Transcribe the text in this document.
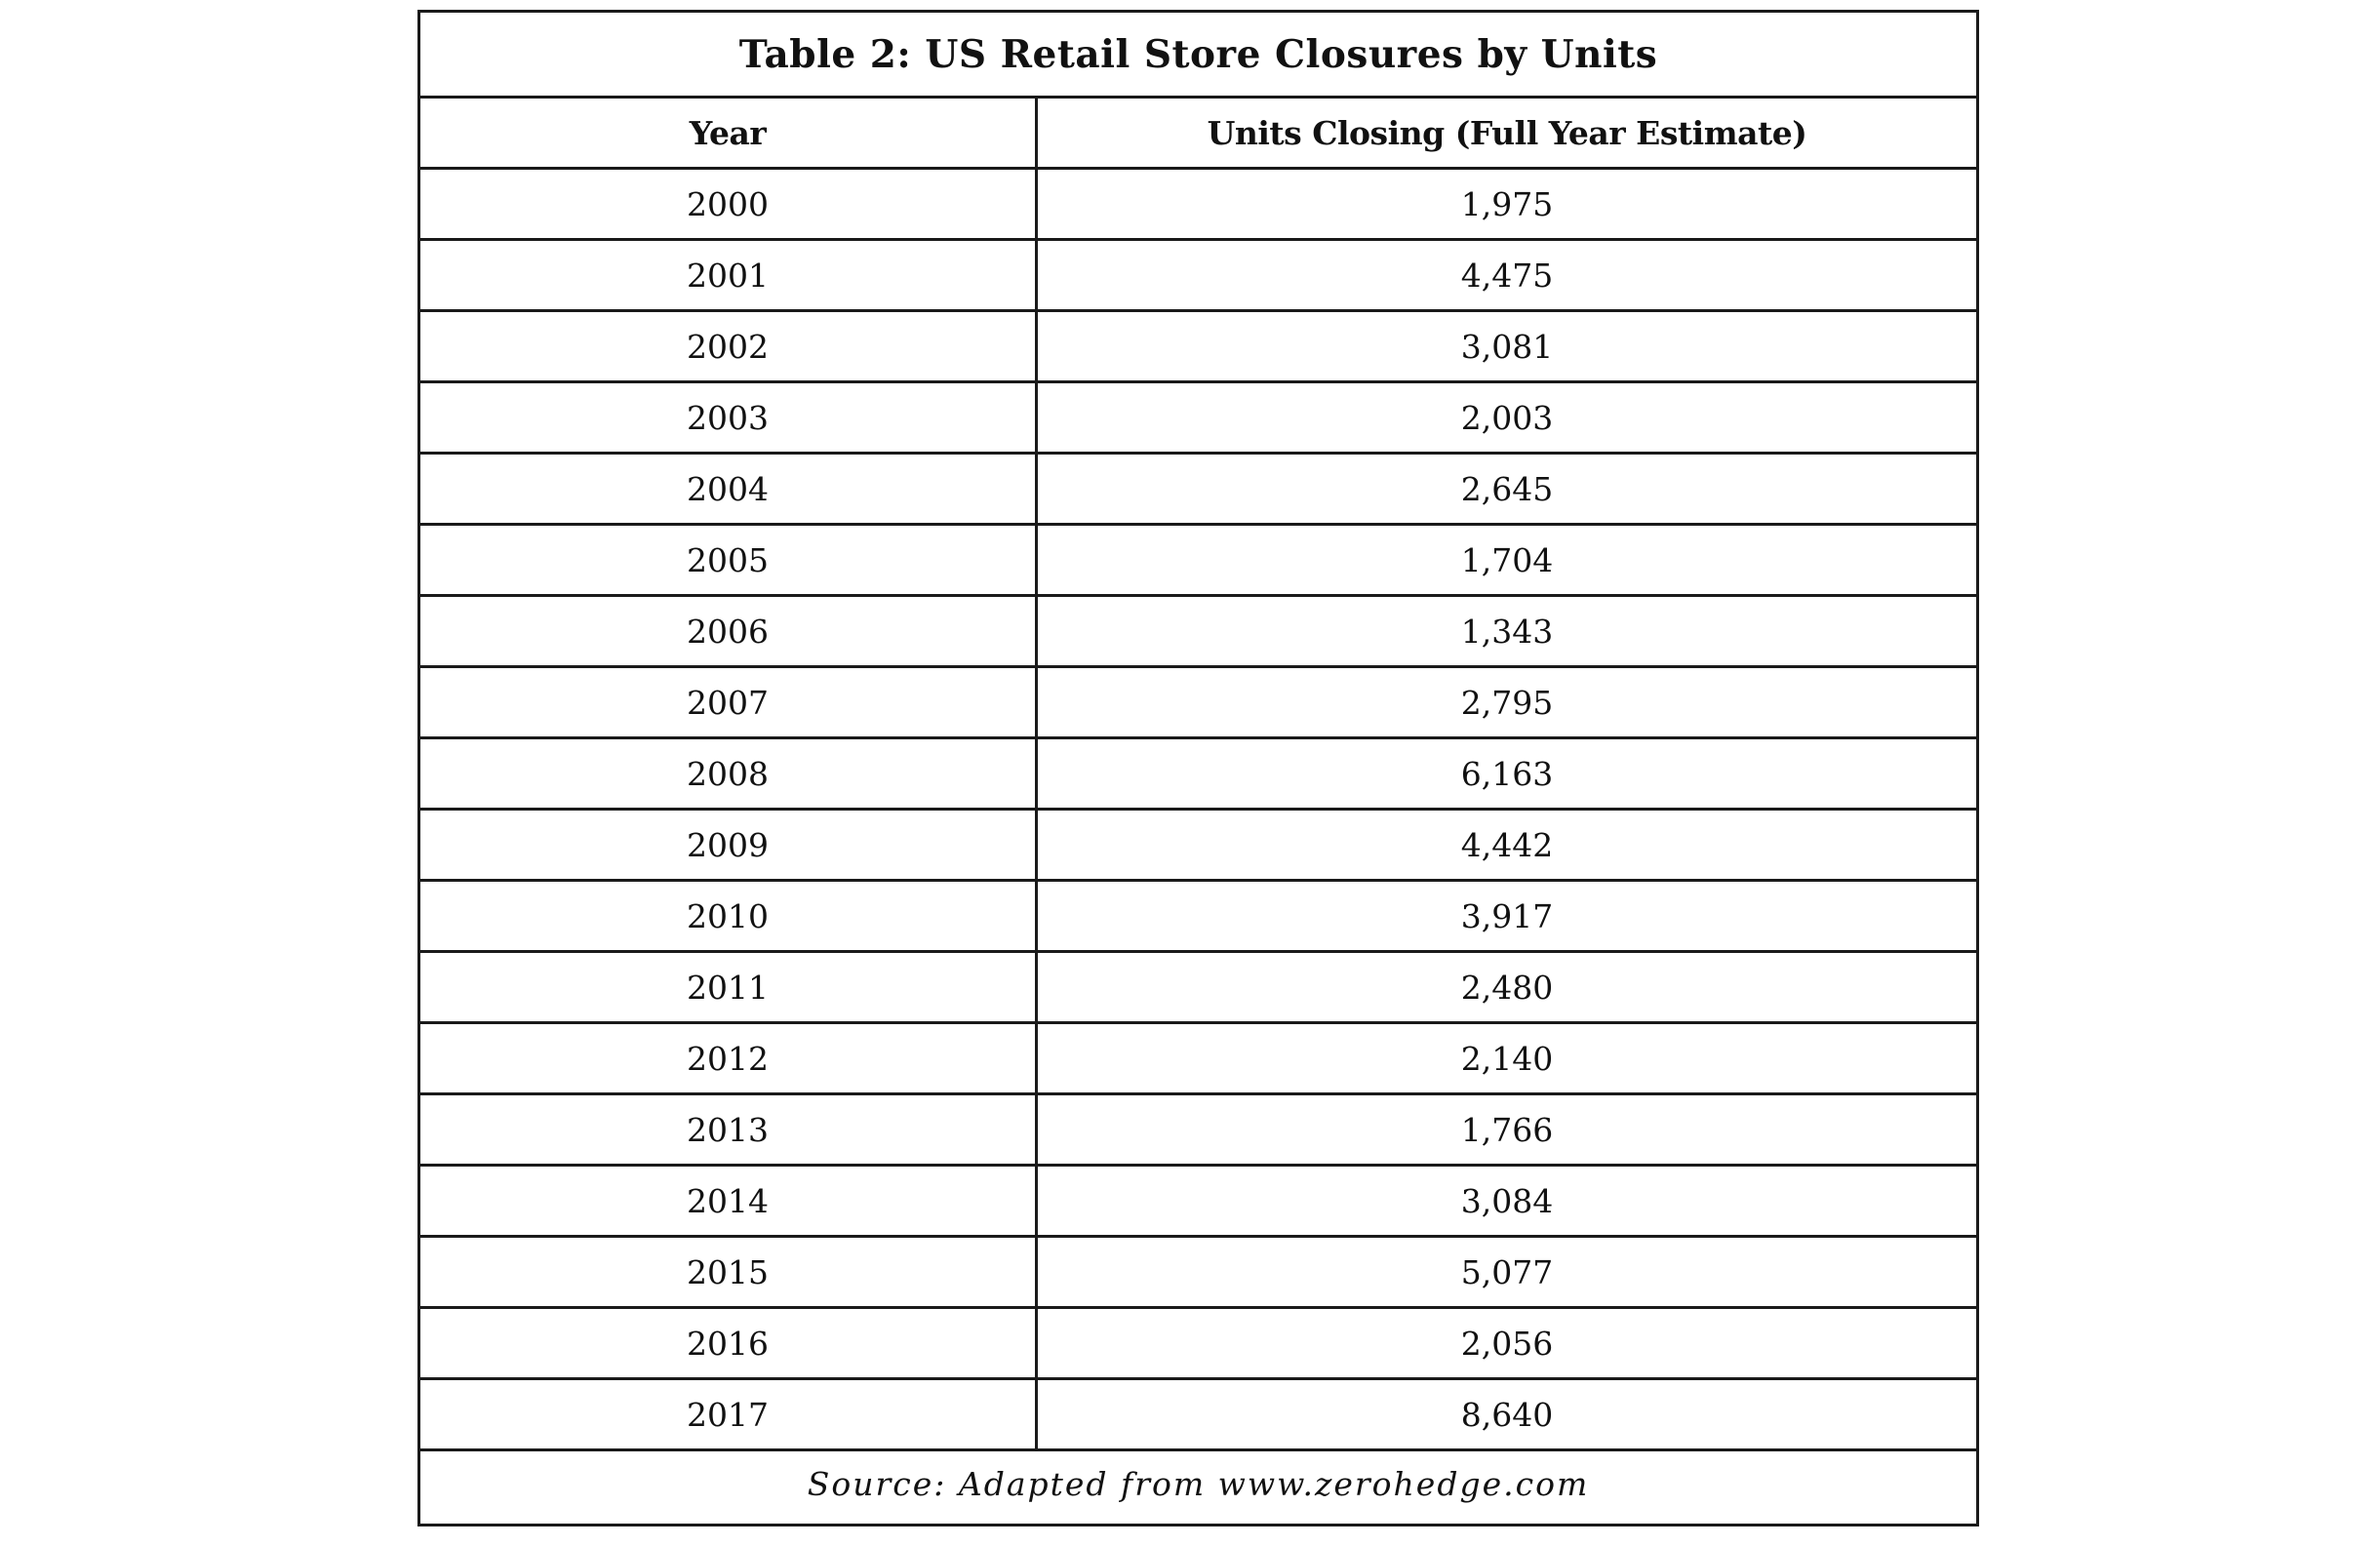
Table 2: US Retail Store Closures by Units
Year	Units Closing (Full Year Estimate)
2000	1,975
2001	4,475
2002	3,081
2003	2,003
2004	2,645
2005	1,704
2006	1,343
2007	2,795
2008	6,163
2009	4,442
2010	3,917
2011	2,480
2012	2,140
2013	1,766
2014	3,084
2015	5,077
2016	2,056
2017	8,640
Source: Adapted from www.zerohedge.com
